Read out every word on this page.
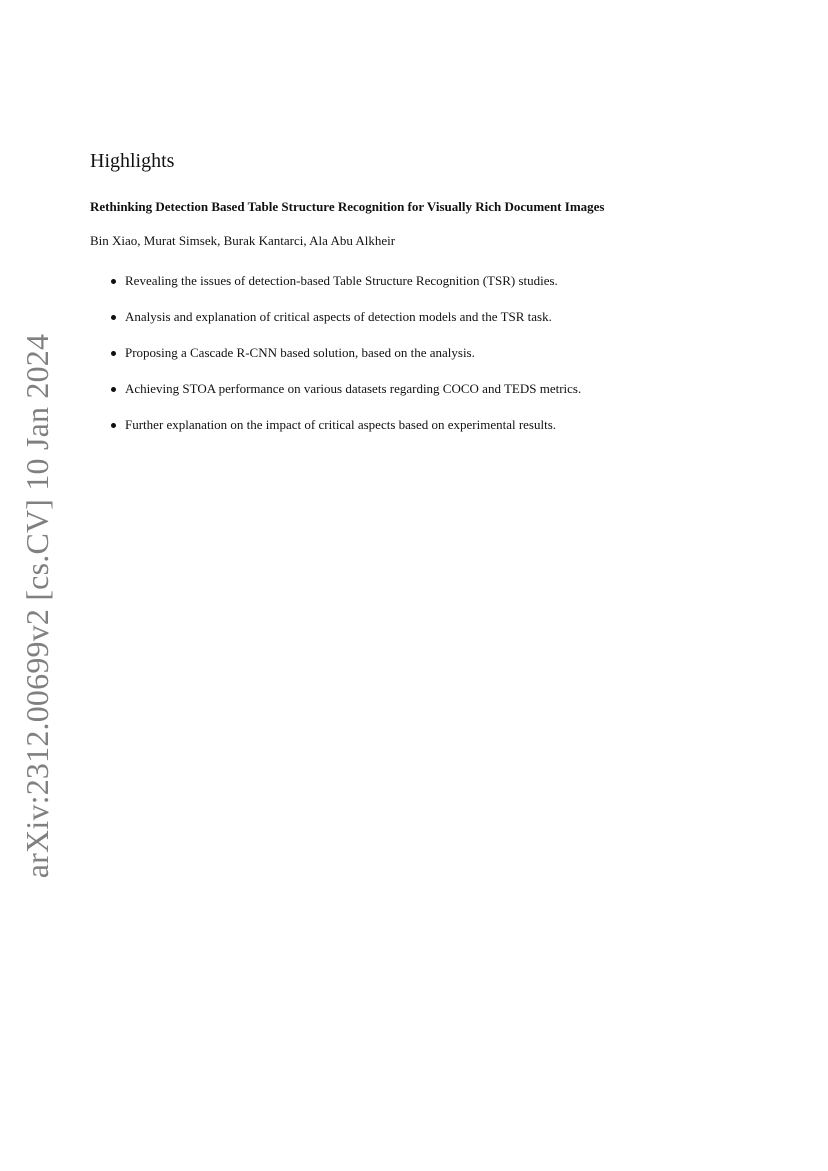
arXiv:2312.00699v2 [cs.CV] 10 Jan 2024
Highlights
Rethinking Detection Based Table Structure Recognition for Visually Rich Document Images
Bin Xiao, Murat Simsek, Burak Kantarci, Ala Abu Alkheir
Revealing the issues of detection-based Table Structure Recognition (TSR) studies.
Analysis and explanation of critical aspects of detection models and the TSR task.
Proposing a Cascade R-CNN based solution, based on the analysis.
Achieving STOA performance on various datasets regarding COCO and TEDS metrics.
Further explanation on the impact of critical aspects based on experimental results.
